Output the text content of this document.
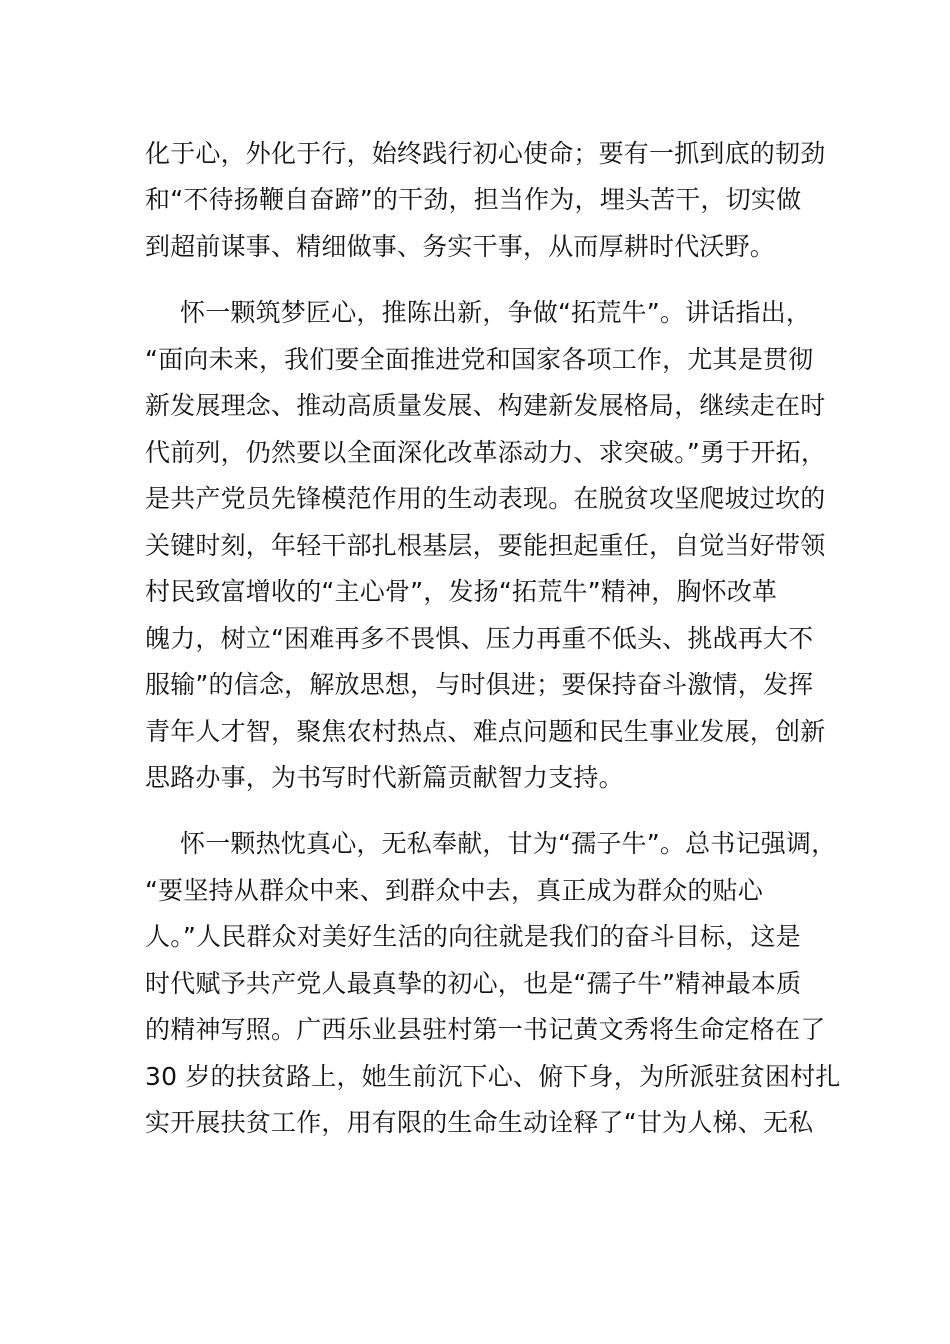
化于心，外化于行，始终践行初心使命；要有一抓到底的韧劲
和“不待扬鞭自奋蹄”的干劲，担当作为，埋头苦干，切实做
到超前谋事、精细做事、务实干事，从而厚耕时代沃野。
怀一颗筑梦匠心，推陈出新，争做“拓荒牛”。讲话指出，
“面向未来，我们要全面推进党和国家各项工作，尤其是贯彻
新发展理念、推动高质量发展、构建新发展格局，继续走在时
代前列，仍然要以全面深化改革添动力、求突破。”勇于开拓，
是共产党员先锋模范作用的生动表现。在脱贫攻坚爬坡过坎的
关键时刻，年轻干部扎根基层，要能担起重任，自觉当好带领
村民致富增收的“主心骨”，发扬“拓荒牛”精神，胸怀改革
魄力，树立“困难再多不畏惧、压力再重不低头、挑战再大不
服输”的信念，解放思想，与时俱进；要保持奋斗激情，发挥
青年人才智，聚焦农村热点、难点问题和民生事业发展，创新
思路办事，为书写时代新篇贡献智力支持。
怀一颗热忱真心，无私奉献，甘为“孺子牛”。总书记强调，
“要坚持从群众中来、到群众中去，真正成为群众的贴心
人。”人民群众对美好生活的向往就是我们的奋斗目标，这是
时代赋予共产党人最真挚的初心，也是“孺子牛”精神最本质
的精神写照。广西乐业县驻村第一书记黄文秀将生命定格在了
30 岁的扶贫路上，她生前沉下心、俯下身，为所派驻贫困村扎
实开展扶贫工作，用有限的生命生动诠释了“甘为人梯、无私
